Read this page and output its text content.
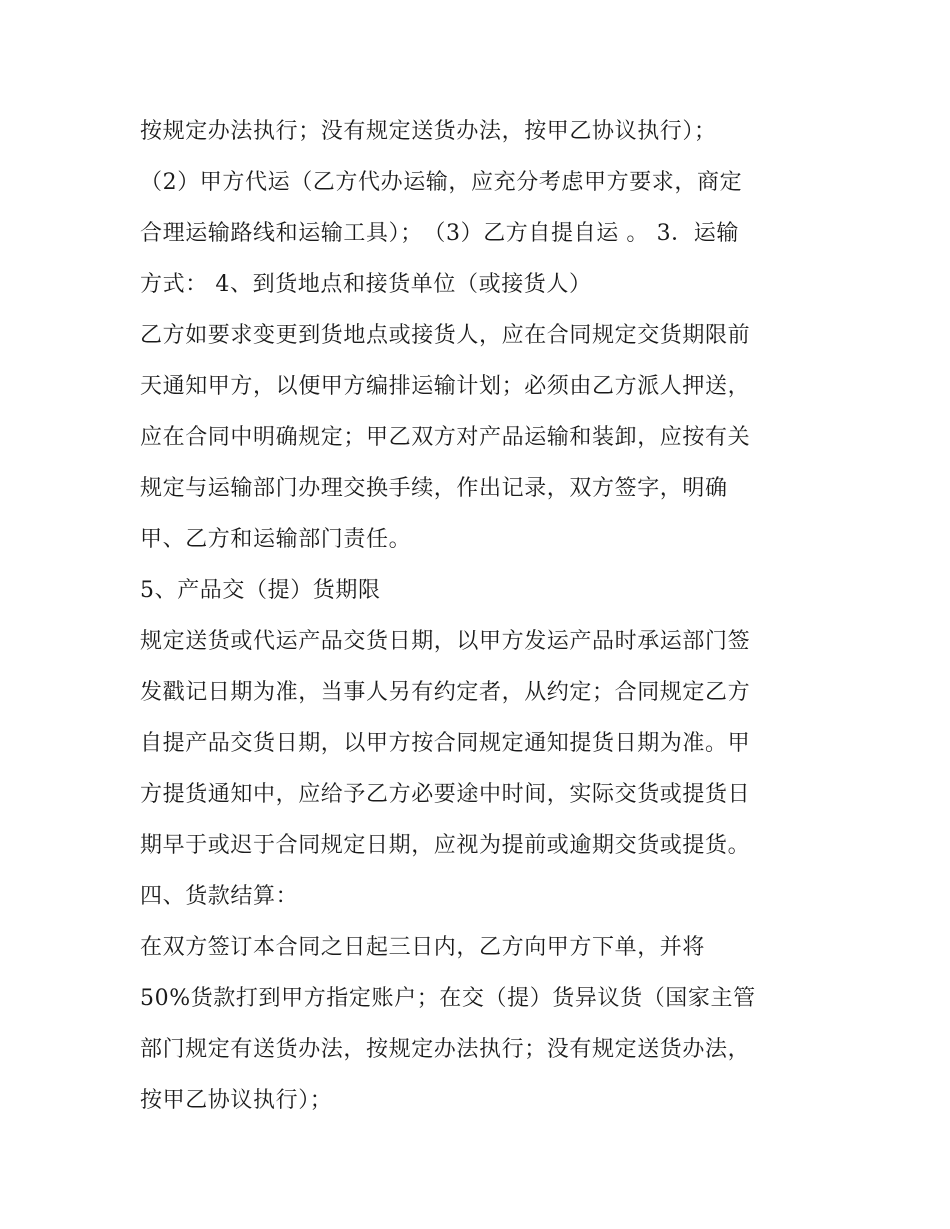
按规定办法执行；没有规定送货办法，按甲乙协议执行）；
（2）甲方代运（乙方代办运输，应充分考虑甲方要求，商定
合理运输路线和运输工具）；　（3）乙方自提自运 。 3．运输
方式： 4、到货地点和接货单位（或接货人）
乙方如要求变更到货地点或接货人，应在合同规定交货期限前
天通知甲方，以便甲方编排运输计划；必须由乙方派人押送，
应在合同中明确规定；甲乙双方对产品运输和装卸，应按有关
规定与运输部门办理交换手续，作出记录，双方签字，明确
甲、乙方和运输部门责任。
5、产品交（提）货期限
规定送货或代运产品交货日期，以甲方发运产品时承运部门签
发戳记日期为准，当事人另有约定者，从约定；合同规定乙方
自提产品交货日期，以甲方按合同规定通知提货日期为准。甲
方提货通知中，应给予乙方必要途中时间，实际交货或提货日
期早于或迟于合同规定日期，应视为提前或逾期交货或提货。
四、货款结算：
在双方签订本合同之日起三日内，乙方向甲方下单，并将
50%货款打到甲方指定账户；在交（提）货异议货（国家主管
部门规定有送货办法，按规定办法执行；没有规定送货办法，
按甲乙协议执行）；
